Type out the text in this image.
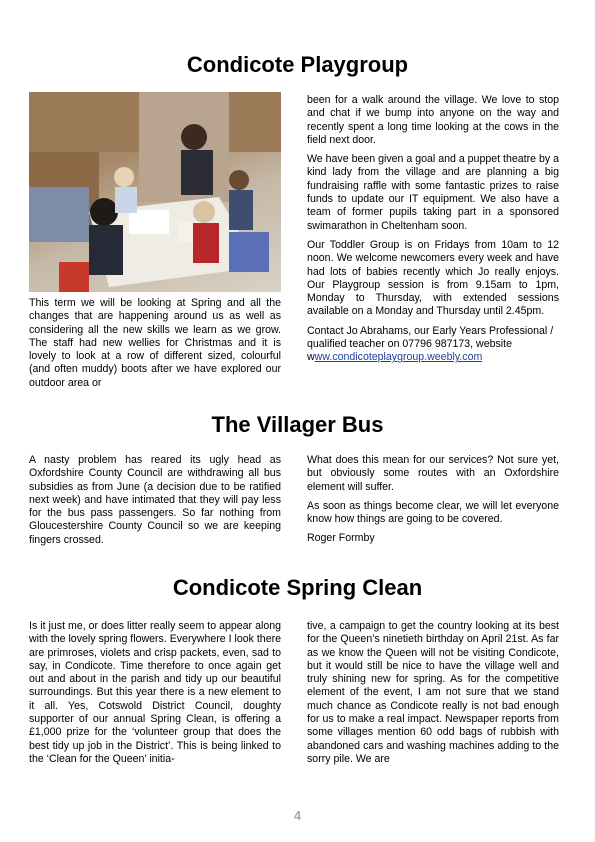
Condicote Playgroup

This term we will be looking at Spring and all the changes that are happening around us as well as considering all the new skills we learn as we grow. The staff had new wellies for Christmas and it is lovely to look at a row of different sized, colourful (and often muddy) boots after we have explored our outdoor area or

been for a walk around the village. We love to stop and chat if we bump into anyone on the way and recently spent a long time looking at the cows in the field next door.

We have been given a goal and a puppet theatre by a kind lady from the village and are planning a big fundraising raffle with some fantastic prizes to raise funds to update our IT equipment. We also have a team of former pupils taking part in a sponsored swimarathon in Cheltenham soon.

Our Toddler Group is on Fridays from 10am to 12 noon. We welcome newcomers every week and have had lots of babies recently which Jo really enjoys. Our Playgroup session is from 9.15am to 1pm, Monday to Thursday, with extended sessions available on a Monday and Thursday until 2.45pm.

Contact Jo Abrahams, our Early Years Professional / qualified teacher on 07796 987173, website www.condicoteplaygroup.weebly.com

The Villager Bus

A nasty problem has reared its ugly head as Oxfordshire County Council are withdrawing all bus subsidies as from June (a decision due to be ratified next week) and have intimated that they will pay less for the bus pass passengers. So far nothing from Gloucestershire County Council so we are keeping fingers crossed.

What does this mean for our services? Not sure yet, but obviously some routes with an Oxfordshire element will suffer.

As soon as things become clear, we will let everyone know how things are going to be covered.

Roger Formby

Condicote Spring Clean

Is it just me, or does litter really seem to appear along with the lovely spring flowers. Everywhere I look there are primroses, violets and crisp packets, even, sad to say, in Condicote. Time therefore to once again get out and about in the parish and tidy up our beautiful surroundings. But this year there is a new element to it all. Yes, Cotswold District Council, doughty supporter of our annual Spring Clean, is offering a £1,000 prize for the ‘volunteer group that does the best tidy up job in the District’. This is being linked to the ‘Clean for the Queen’ initia-

tive, a campaign to get the country looking at its best for the Queen’s ninetieth birthday on April 21st. As far as we know the Queen will not be visiting Condicote, but it would still be nice to have the village well and truly shining new for spring. As for the competitive element of the event, I am not sure that we stand much chance as Condicote really is not bad enough for us to make a real impact. Newspaper reports from some villages mention 60 odd bags of rubbish with abandoned cars and washing machines adding to the sorry pile. We are

4
